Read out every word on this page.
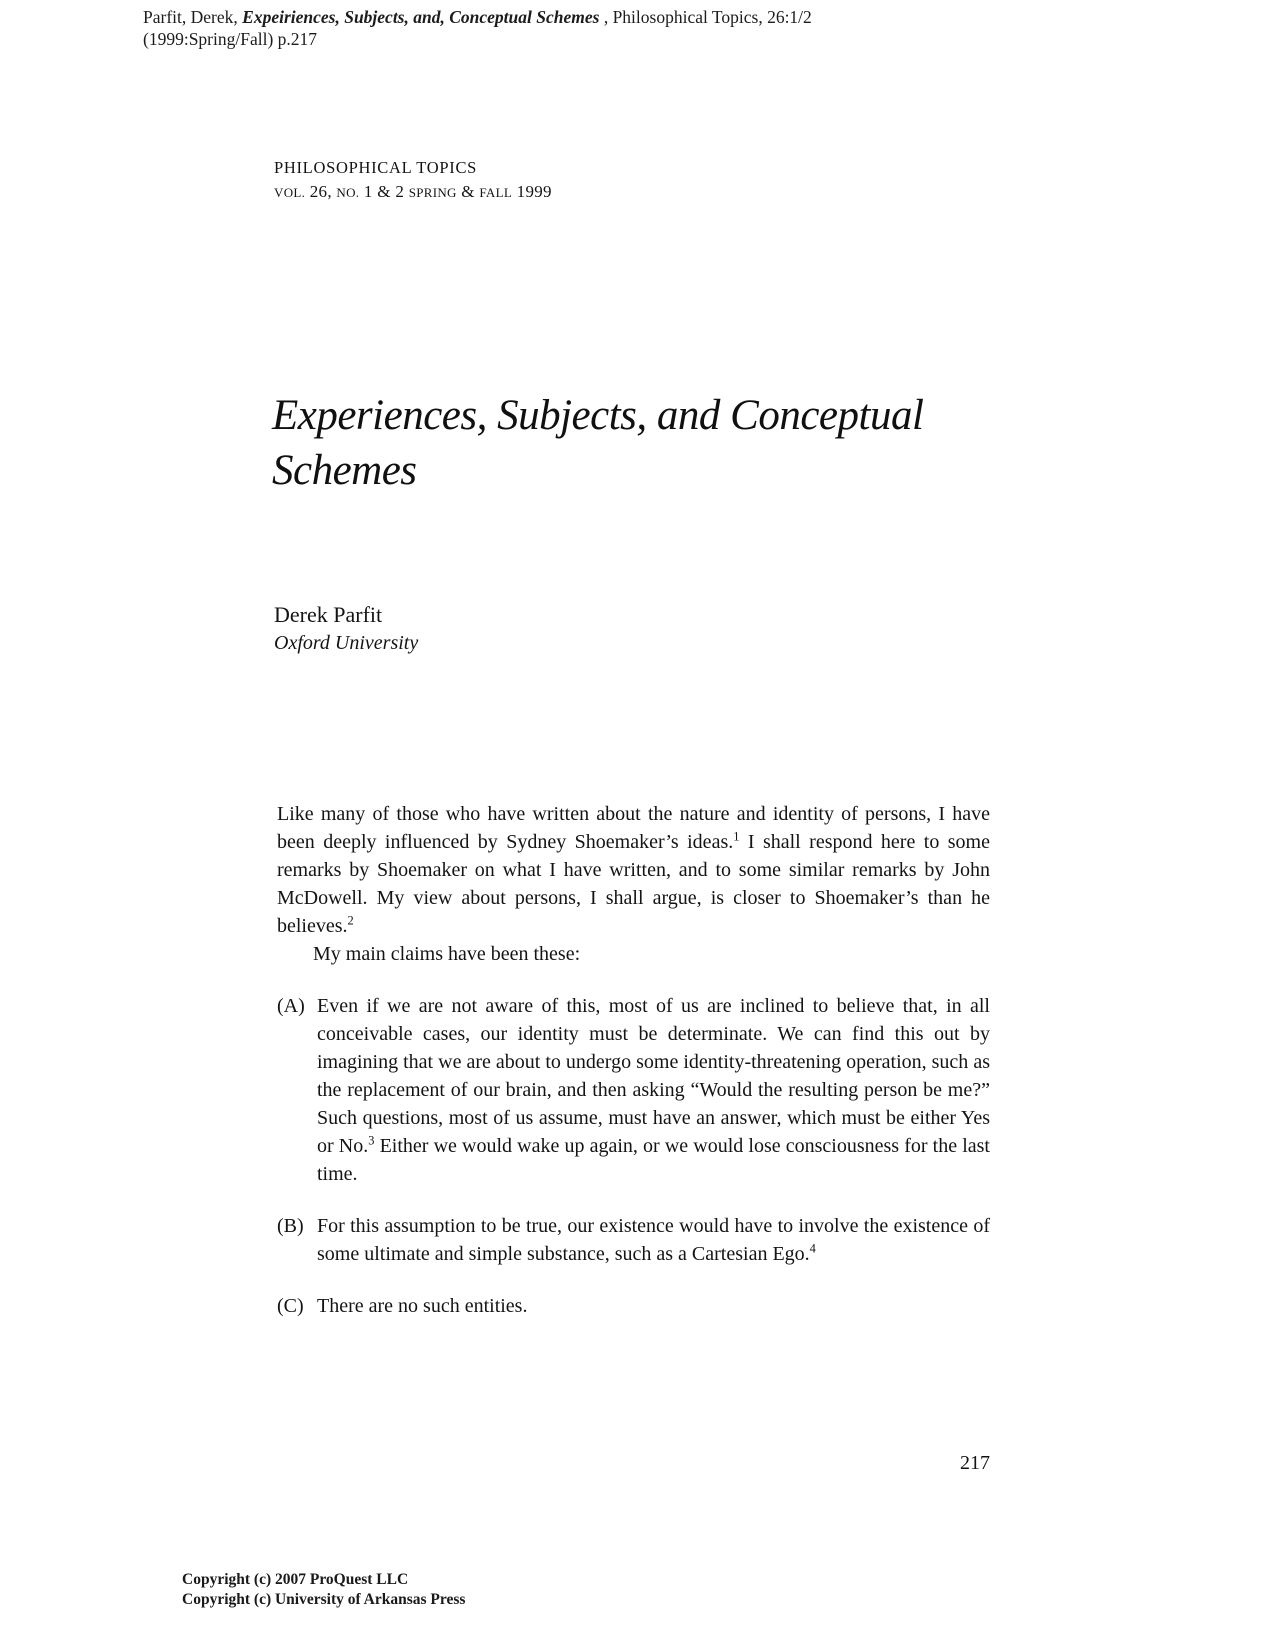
Parfit, Derek, Expeiriences, Subjects, and, Conceptual Schemes , Philosophical Topics, 26:1/2
(1999:Spring/Fall) p.217
PHILOSOPHICAL TOPICS
VOL. 26, NO. 1 & 2 SPRING & FALL 1999
Experiences, Subjects, and Conceptual
Schemes
Derek Parfit
Oxford University

Like many of those who have written about the nature and identity of persons, I have been deeply influenced by Sydney Shoemaker’s ideas.$^1$ I shall respond here to some remarks by Shoemaker on what I have written, and to some similar remarks by John McDowell. My view about persons, I shall argue, is closer to Shoemaker’s than he believes.$^2$

My main claims have been these:

(A) Even if we are not aware of this, most of us are inclined to believe that, in all conceivable cases, our identity must be determinate. We can find this out by imagining that we are about to undergo some identity-threatening operation, such as the replacement of our brain, and then asking “Would the resulting person be me?” Such questions, most of us assume, must have an answer, which must be either Yes or No.$^3$ Either we would wake up again, or we would lose consciousness for the last time.
(B) For this assumption to be true, our existence would have to involve the existence of some ultimate and simple substance, such as a Cartesian Ego.$^4$
(C) There are no such entities.
217
Copyright (c) 2007 ProQuest LLC
Copyright (c) University of Arkansas Press
